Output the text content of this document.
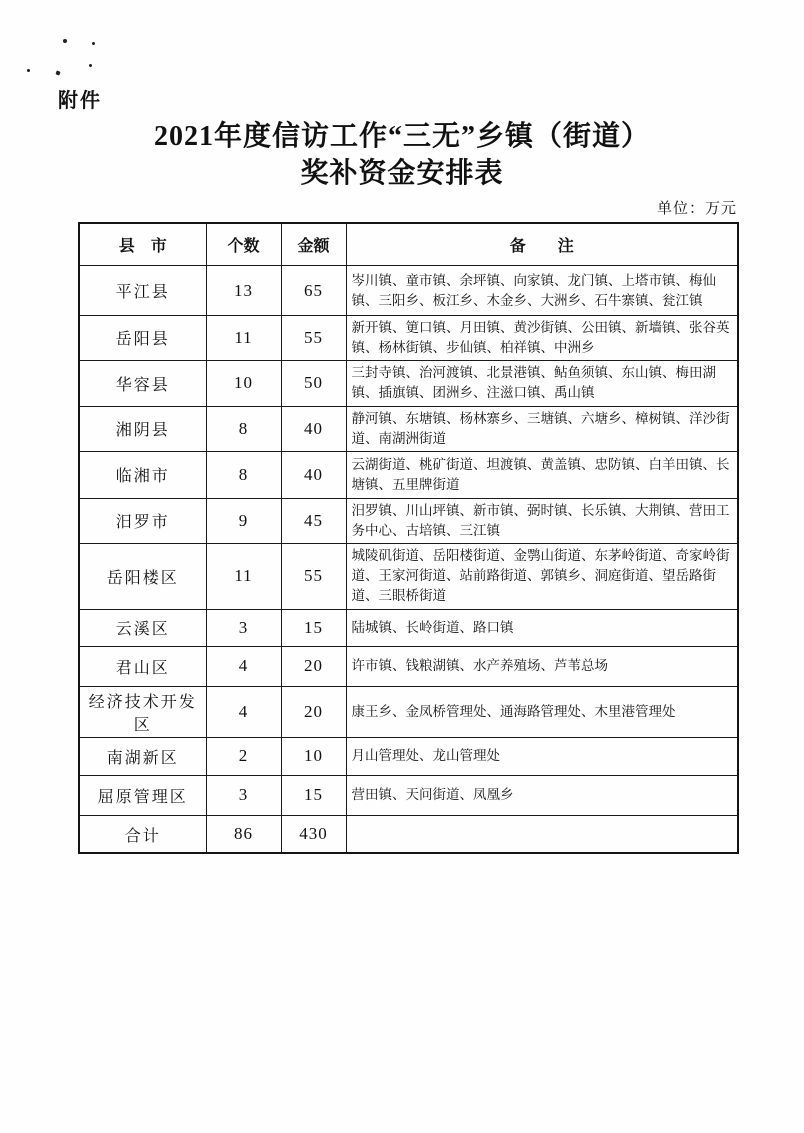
附件
2021年度信访工作“三无”乡镇（街道）
奖补资金安排表
单位：万元
县　市	个数	金额	备　　注
平江县	13	65	岑川镇、童市镇、余坪镇、向家镇、龙门镇、上塔市镇、梅仙镇、三阳乡、板江乡、木金乡、大洲乡、石牛寨镇、瓮江镇
岳阳县	11	55	新开镇、筻口镇、月田镇、黄沙街镇、公田镇、新墙镇、张谷英镇、杨林街镇、步仙镇、柏祥镇、中洲乡
华容县	10	50	三封寺镇、治河渡镇、北景港镇、鲇鱼须镇、东山镇、梅田湖镇、插旗镇、团洲乡、注滋口镇、禹山镇
湘阴县	8	40	静河镇、东塘镇、杨林寨乡、三塘镇、六塘乡、樟树镇、洋沙街道、南湖洲街道
临湘市	8	40	云湖街道、桃矿街道、坦渡镇、黄盖镇、忠防镇、白羊田镇、长塘镇、五里牌街道
汨罗市	9	45	汨罗镇、川山坪镇、新市镇、弼时镇、长乐镇、大荆镇、营田工务中心、古培镇、三江镇
岳阳楼区	11	55	城陵矶街道、岳阳楼街道、金鹗山街道、东茅岭街道、奇家岭街道、王家河街道、站前路街道、郭镇乡、洞庭街道、望岳路街道、三眼桥街道
云溪区	3	15	陆城镇、长岭街道、路口镇
君山区	4	20	许市镇、钱粮湖镇、水产养殖场、芦苇总场
经济技术开发区	4	20	康王乡、金凤桥管理处、通海路管理处、木里港管理处
南湖新区	2	10	月山管理处、龙山管理处
屈原管理区	3	15	营田镇、天问街道、凤凰乡
合计	86	430	
